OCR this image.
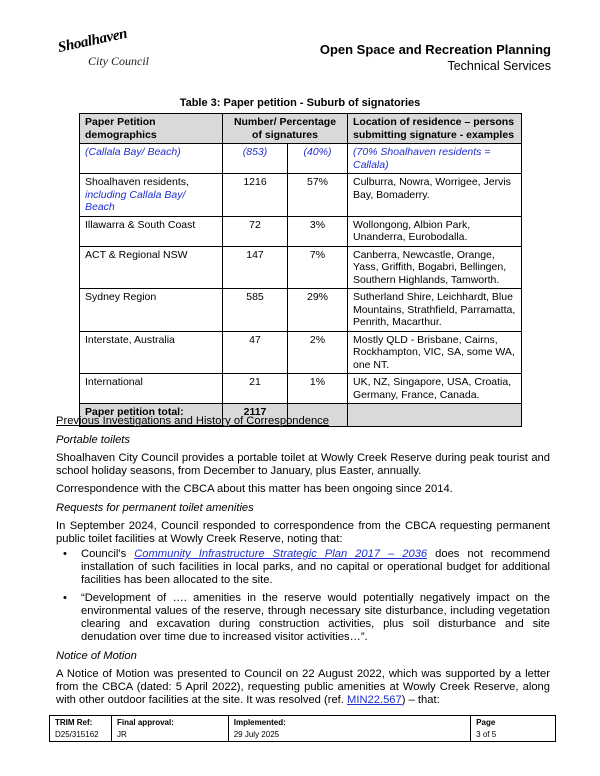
Shoalhaven
City Council
Open Space and Recreation Planning
Technical Services
Table 3: Paper petition - Suburb of signatories
Paper Petition demographics	Number/ Percentage of signatures		Location of residence – persons submitting signature - examples
(Callala Bay/ Beach)	(853)	(40%)	(70% Shoalhaven residents = Callala)
Shoalhaven residents,
including Callala Bay/ Beach	1216	57%	Culburra, Nowra, Worrigee, Jervis Bay, Bomaderry.
Illawarra & South Coast	72	3%	Wollongong, Albion Park, Unanderra, Eurobodalla.
ACT & Regional NSW	147	7%	Canberra, Newcastle, Orange, Yass, Griffith, Bogabri, Bellingen, Southern Highlands, Tamworth.
Sydney Region	585	29%	Sutherland Shire, Leichhardt, Blue Mountains, Strathfield, Parramatta, Penrith, Macarthur.
Interstate, Australia	47	2%	Mostly QLD - Brisbane, Cairns, Rockhampton, VIC, SA, some WA, one NT.
International	21	1%	UK, NZ, Singapore, USA, Croatia, Germany, France, Canada.
Paper petition total:	2117		
Previous Investigations and History of Correspondence
Portable toilets
Shoalhaven City Council provides a portable toilet at Wowly Creek Reserve during peak tourist and school holiday seasons, from December to January, plus Easter, annually.
Correspondence with the CBCA about this matter has been ongoing since 2014.
Requests for permanent toilet amenities
In September 2024, Council responded to correspondence from the CBCA requesting permanent public toilet facilities at Wowly Creek Reserve, noting that:
• Council’s Community Infrastructure Strategic Plan 2017 – 2036 does not recommend installation of such facilities in local parks, and no capital or operational budget for additional facilities has been allocated to the site.
• “Development of …. amenities in the reserve would potentially negatively impact on the environmental values of the reserve, through necessary site disturbance, including vegetation clearing and excavation during construction activities, plus soil disturbance and site denudation over time due to increased visitor activities…”.
Notice of Motion
A Notice of Motion was presented to Council on 22 August 2022, which was supported by a letter from the CBCA (dated: 5 April 2022), requesting public amenities at Wowly Creek Reserve, along with other outdoor facilities at the site. It was resolved (ref. MIN22.567) – that:
TRIM Ref:
D25/315162	
Final approval:
JR	
Implemented:
29 July 2025	
Page
3 of 5
